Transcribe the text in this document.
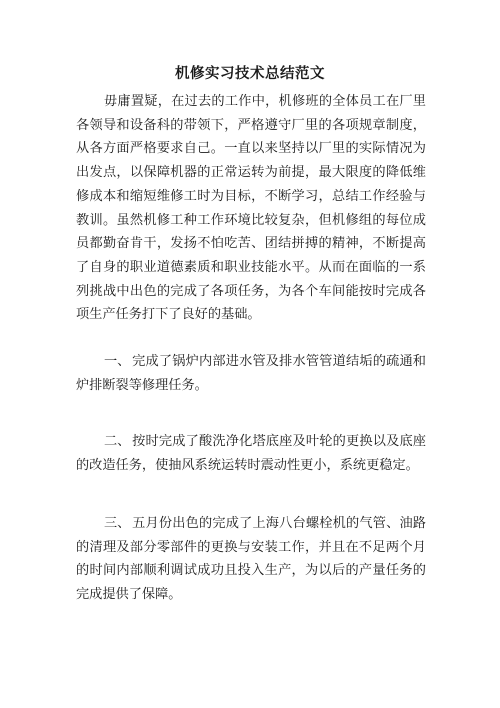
机修实习技术总结范文

毋庸置疑，在过去的工作中，机修班的全体员工在厂里各领导和设备科的带领下，严格遵守厂里的各项规章制度，从各方面严格要求自己。一直以来坚持以厂里的实际情况为出发点，以保障机器的正常运转为前提，最大限度的降低维修成本和缩短维修工时为目标，不断学习，总结工作经验与教训。虽然机修工种工作环境比较复杂，但机修组的每位成员都勤奋肯干，发扬不怕吃苦、团结拼搏的精神，不断提高了自身的职业道德素质和职业技能水平。从而在面临的一系列挑战中出色的完成了各项任务，为各个车间能按时完成各项生产任务打下了良好的基础。

一、 完成了锅炉内部进水管及排水管管道结垢的疏通和炉排断裂等修理任务。

二、 按时完成了酸洗净化塔底座及叶轮的更换以及底座的改造任务，使抽风系统运转时震动性更小，系统更稳定。

三、 五月份出色的完成了上海八台螺栓机的气管、油路的清理及部分零部件的更换与安装工作，并且在不足两个月的时间内部顺利调试成功且投入生产，为以后的产量任务的完成提供了保障。
